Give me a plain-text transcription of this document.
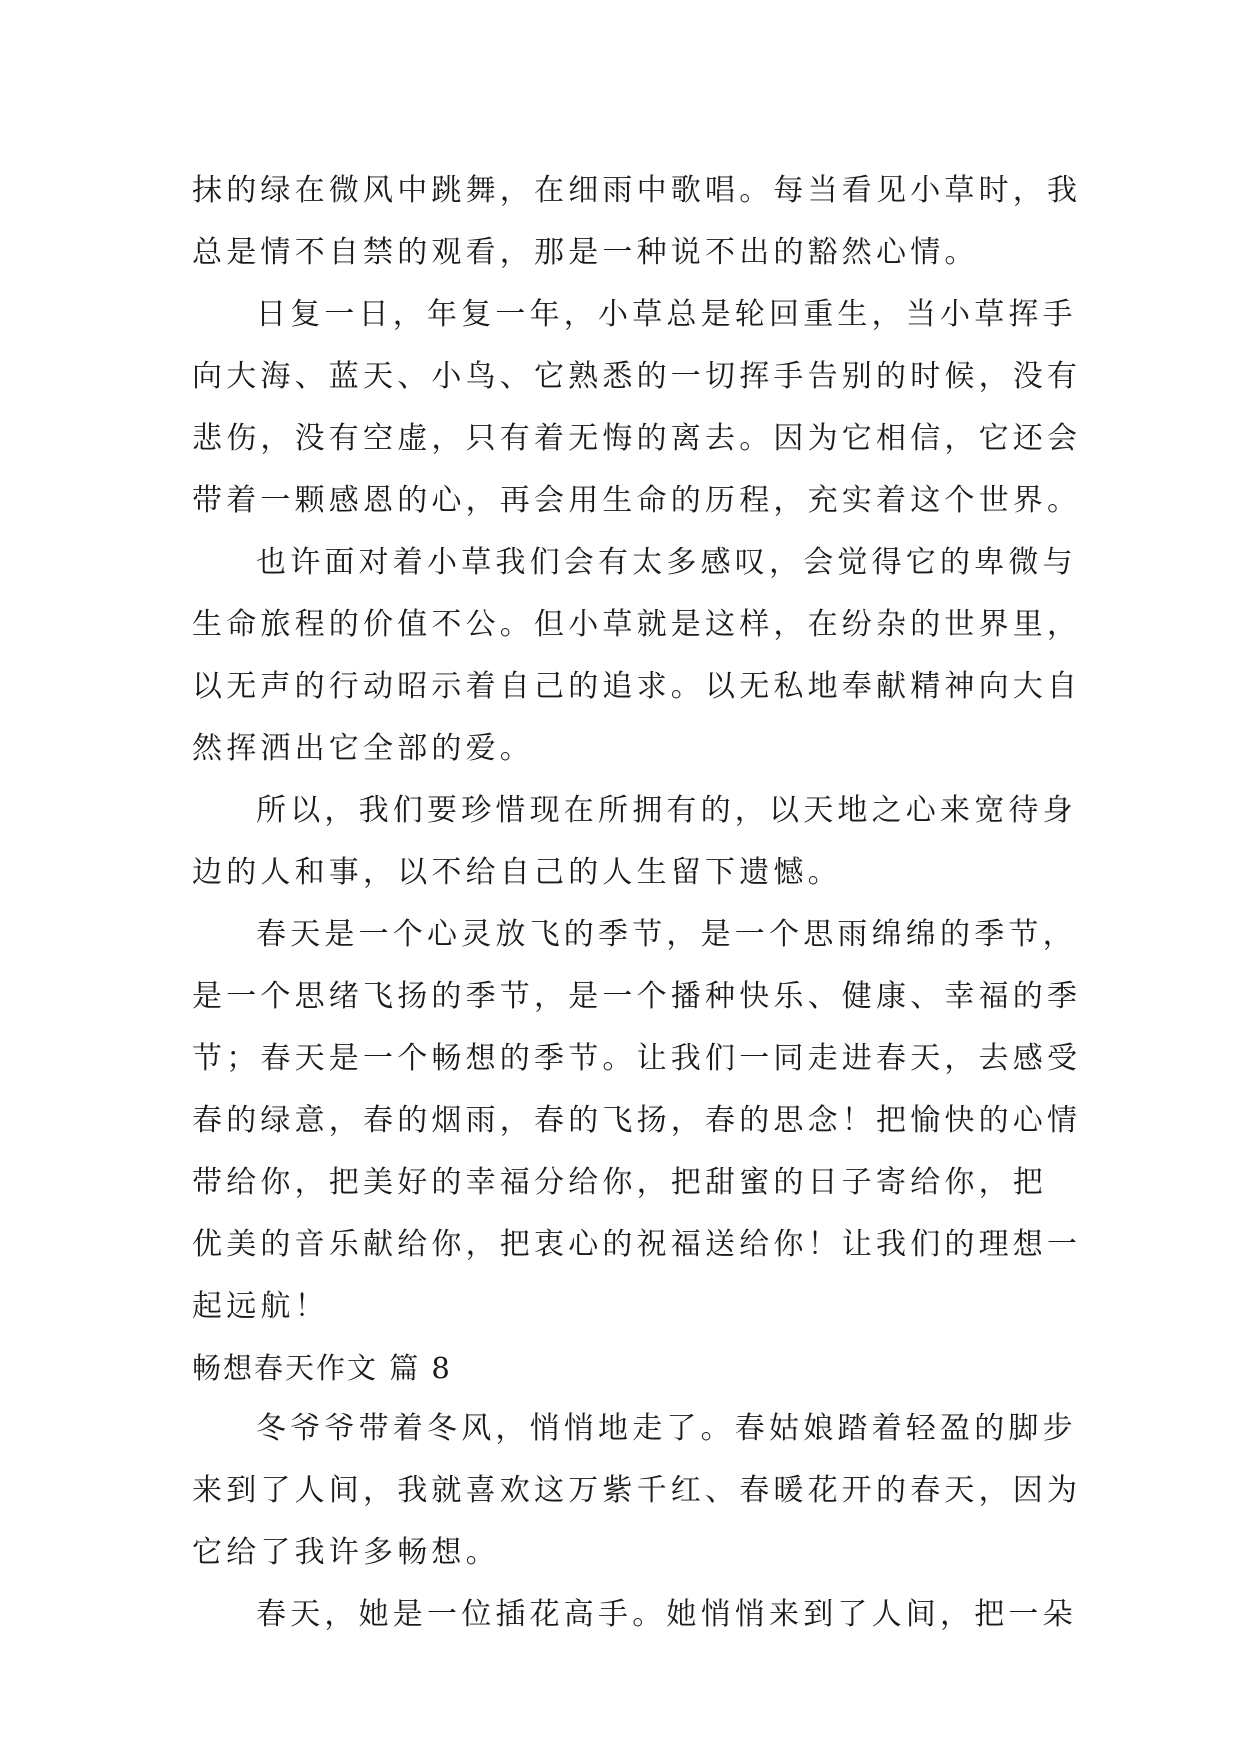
抹的绿在微风中跳舞，在细雨中歌唱。每当看见小草时，我
总是情不自禁的观看，那是一种说不出的豁然心情。
日复一日，年复一年，小草总是轮回重生，当小草挥手
向大海、蓝天、小鸟、它熟悉的一切挥手告别的时候，没有
悲伤，没有空虚，只有着无悔的离去。因为它相信，它还会
带着一颗感恩的心，再会用生命的历程，充实着这个世界。
也许面对着小草我们会有太多感叹，会觉得它的卑微与
生命旅程的价值不公。但小草就是这样，在纷杂的世界里，
以无声的行动昭示着自己的追求。以无私地奉献精神向大自
然挥洒出它全部的爱。
所以，我们要珍惜现在所拥有的，以天地之心来宽待身
边的人和事，以不给自己的人生留下遗憾。
春天是一个心灵放飞的季节，是一个思雨绵绵的季节，
是一个思绪飞扬的季节，是一个播种快乐、健康、幸福的季
节；春天是一个畅想的季节。让我们一同走进春天，去感受
春的绿意，春的烟雨，春的飞扬，春的思念！把愉快的心情
带给你，把美好的幸福分给你，把甜蜜的日子寄给你，把
优美的音乐献给你，把衷心的祝福送给你！让我们的理想一
起远航！
畅想春天作文 篇 8
冬爷爷带着冬风，悄悄地走了。春姑娘踏着轻盈的脚步
来到了人间，我就喜欢这万紫千红、春暖花开的春天，因为
它给了我许多畅想。
春天，她是一位插花高手。她悄悄来到了人间，把一朵
